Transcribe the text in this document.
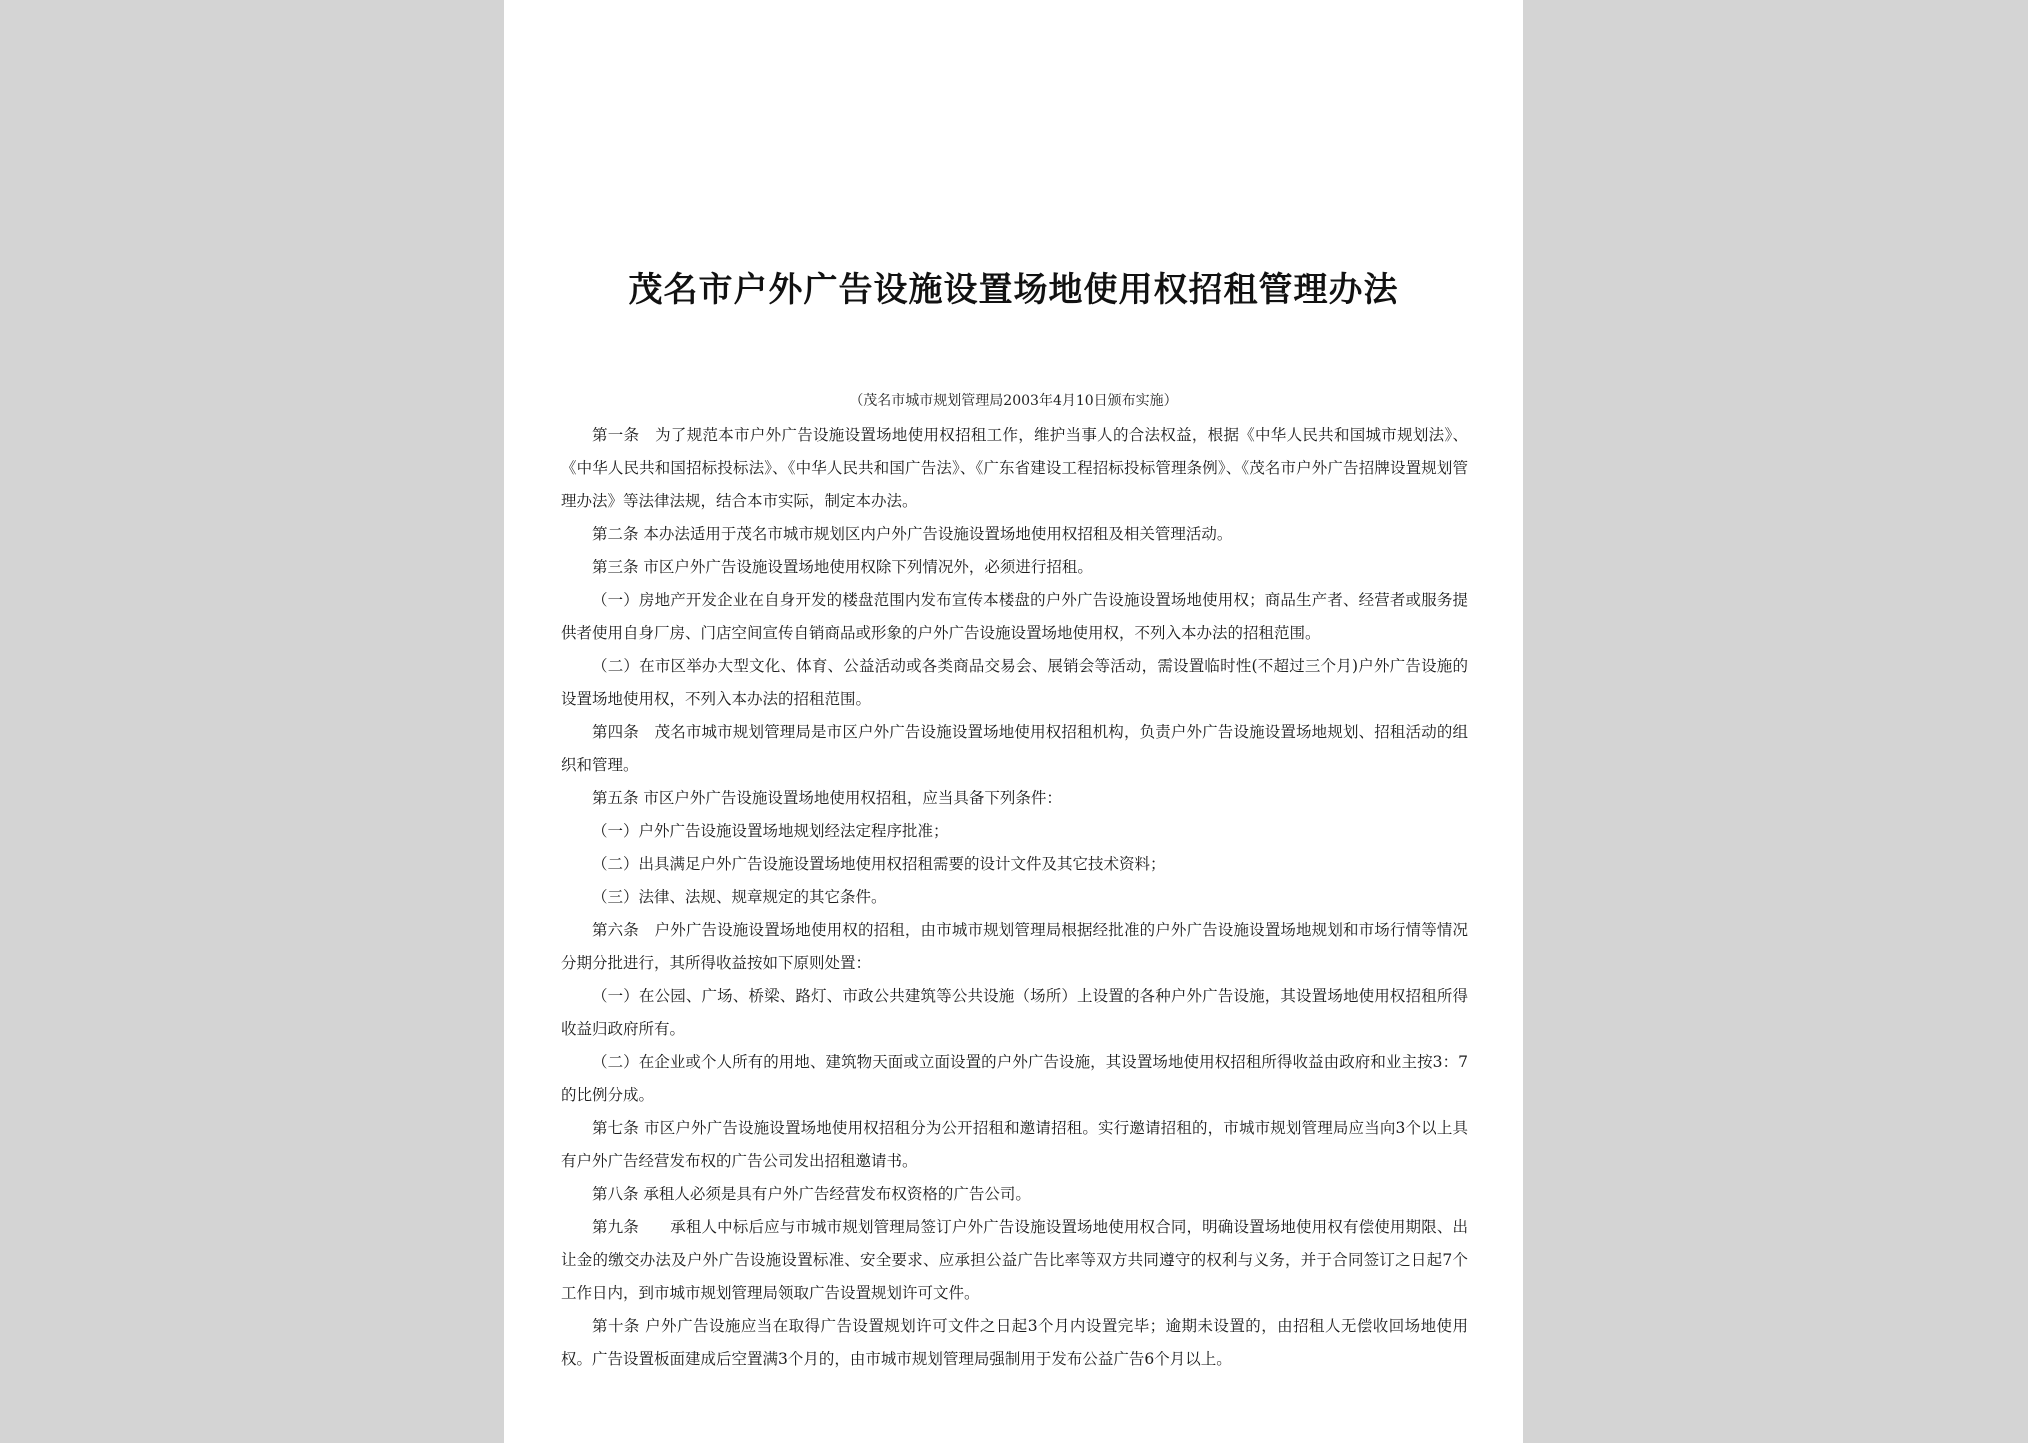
茂名市户外广告设施设置场地使用权招租管理办法
（茂名市城市规划管理局2003年4月10日颁布实施）

第一条　为了规范本市户外广告设施设置场地使用权招租工作，维护当事人的合法权益，根据《中华人民共和国城市规划法》、《中华人民共和国招标投标法》、《中华人民共和国广告法》、《广东省建设工程招标投标管理条例》、《茂名市户外广告招牌设置规划管理办法》等法律法规，结合本市实际，制定本办法。

第二条 本办法适用于茂名市城市规划区内户外广告设施设置场地使用权招租及相关管理活动。

第三条 市区户外广告设施设置场地使用权除下列情况外，必须进行招租。

（一）房地产开发企业在自身开发的楼盘范围内发布宣传本楼盘的户外广告设施设置场地使用权；商品生产者、经营者或服务提供者使用自身厂房、门店空间宣传自销商品或形象的户外广告设施设置场地使用权，不列入本办法的招租范围。

（二）在市区举办大型文化、体育、公益活动或各类商品交易会、展销会等活动，需设置临时性(不超过三个月)户外广告设施的设置场地使用权，不列入本办法的招租范围。

第四条　茂名市城市规划管理局是市区户外广告设施设置场地使用权招租机构，负责户外广告设施设置场地规划、招租活动的组织和管理。

第五条 市区户外广告设施设置场地使用权招租，应当具备下列条件：

（一）户外广告设施设置场地规划经法定程序批准；

（二）出具满足户外广告设施设置场地使用权招租需要的设计文件及其它技术资料；

（三）法律、法规、规章规定的其它条件。

第六条　户外广告设施设置场地使用权的招租，由市城市规划管理局根据经批准的户外广告设施设置场地规划和市场行情等情况分期分批进行，其所得收益按如下原则处置：

（一）在公园、广场、桥梁、路灯、市政公共建筑等公共设施（场所）上设置的各种户外广告设施，其设置场地使用权招租所得收益归政府所有。

（二）在企业或个人所有的用地、建筑物天面或立面设置的户外广告设施，其设置场地使用权招租所得收益由政府和业主按3：7的比例分成。

第七条 市区户外广告设施设置场地使用权招租分为公开招租和邀请招租。实行邀请招租的，市城市规划管理局应当向3个以上具有户外广告经营发布权的广告公司发出招租邀请书。

第八条 承租人必须是具有户外广告经营发布权资格的广告公司。

第九条　　承租人中标后应与市城市规划管理局签订户外广告设施设置场地使用权合同，明确设置场地使用权有偿使用期限、出让金的缴交办法及户外广告设施设置标准、安全要求、应承担公益广告比率等双方共同遵守的权利与义务，并于合同签订之日起7个工作日内，到市城市规划管理局领取广告设置规划许可文件。

第十条 户外广告设施应当在取得广告设置规划许可文件之日起3个月内设置完毕；逾期未设置的，由招租人无偿收回场地使用权。广告设置板面建成后空置满3个月的，由市城市规划管理局强制用于发布公益广告6个月以上。
